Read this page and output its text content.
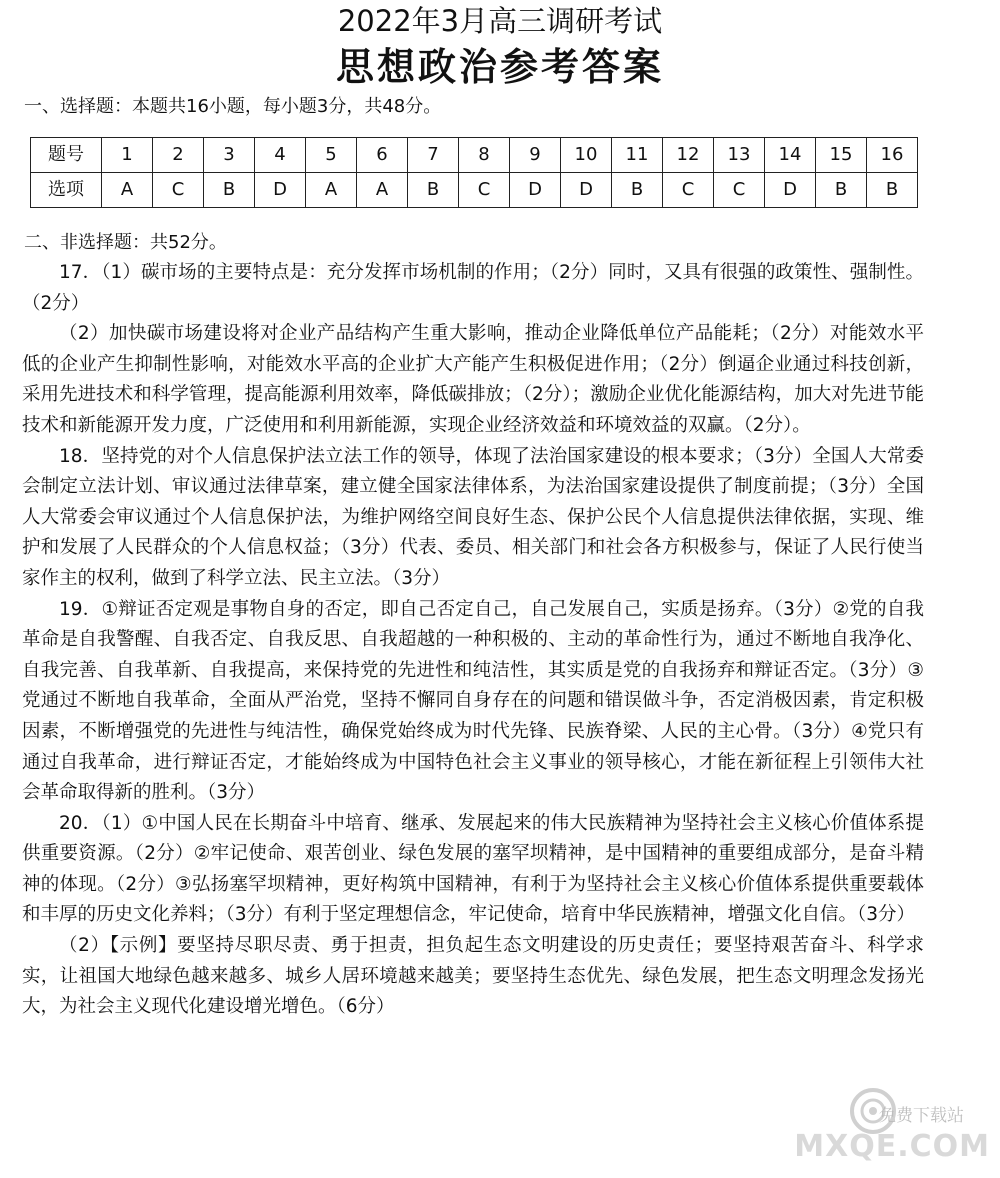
2022年3月高三调研考试
思想政治参考答案
一、选择题：本题共16小题，每小题3分，共48分。
题号	1	2	3	4	5	6	7	8	9	10	11	12	13	14	15	16
选项	A	C	B	D	A	A	B	C	D	D	B	C	C	D	B	B
二、非选择题：共52分。

17．（1）碳市场的主要特点是：充分发挥市场机制的作用；（2分）同时，又具有很强的政策性、强制性。（2分）

（2）加快碳市场建设将对企业产品结构产生重大影响，推动企业降低单位产品能耗；（2分）对能效水平低的企业产生抑制性影响，对能效水平高的企业扩大产能产生积极促进作用；（2分）倒逼企业通过科技创新，采用先进技术和科学管理，提高能源利用效率，降低碳排放；（2分）；激励企业优化能源结构，加大对先进节能技术和新能源开发力度，广泛使用和利用新能源，实现企业经济效益和环境效益的双赢。（2分）。

18．坚持党的对个人信息保护法立法工作的领导，体现了法治国家建设的根本要求；（3分）全国人大常委会制定立法计划、审议通过法律草案，建立健全国家法律体系，为法治国家建设提供了制度前提；（3分）全国人大常委会审议通过个人信息保护法，为维护网络空间良好生态、保护公民个人信息提供法律依据，实现、维护和发展了人民群众的个人信息权益；（3分）代表、委员、相关部门和社会各方积极参与，保证了人民行使当家作主的权利，做到了科学立法、民主立法。（3分）

19．①辩证否定观是事物自身的否定，即自己否定自己，自己发展自己，实质是扬弃。（3分）②党的自我革命是自我警醒、自我否定、自我反思、自我超越的一种积极的、主动的革命性行为，通过不断地自我净化、自我完善、自我革新、自我提高，来保持党的先进性和纯洁性，其实质是党的自我扬弃和辩证否定。（3分）③党通过不断地自我革命，全面从严治党，坚持不懈同自身存在的问题和错误做斗争，否定消极因素，肯定积极因素，不断增强党的先进性与纯洁性，确保党始终成为时代先锋、民族脊梁、人民的主心骨。（3分）④党只有通过自我革命，进行辩证否定，才能始终成为中国特色社会主义事业的领导核心，才能在新征程上引领伟大社会革命取得新的胜利。（3分）

20．（1）①中国人民在长期奋斗中培育、继承、发展起来的伟大民族精神为坚持社会主义核心价值体系提供重要资源。（2分）②牢记使命、艰苦创业、绿色发展的塞罕坝精神，是中国精神的重要组成部分，是奋斗精神的体现。（2分）③弘扬塞罕坝精神，更好构筑中国精神，有利于为坚持社会主义核心价值体系提供重要载体和丰厚的历史文化养料；（3分）有利于坚定理想信念，牢记使命，培育中华民族精神，增强文化自信。（3分）

（2）【示例】要坚持尽职尽责、勇于担责，担负起生态文明建设的历史责任；要坚持艰苦奋斗、科学求实，让祖国大地绿色越来越多、城乡人居环境越来越美；要坚持生态优先、绿色发展，把生态文明理念发扬光大，为社会主义现代化建设增光增色。（6分）

免费下载站
MXQE.COM
